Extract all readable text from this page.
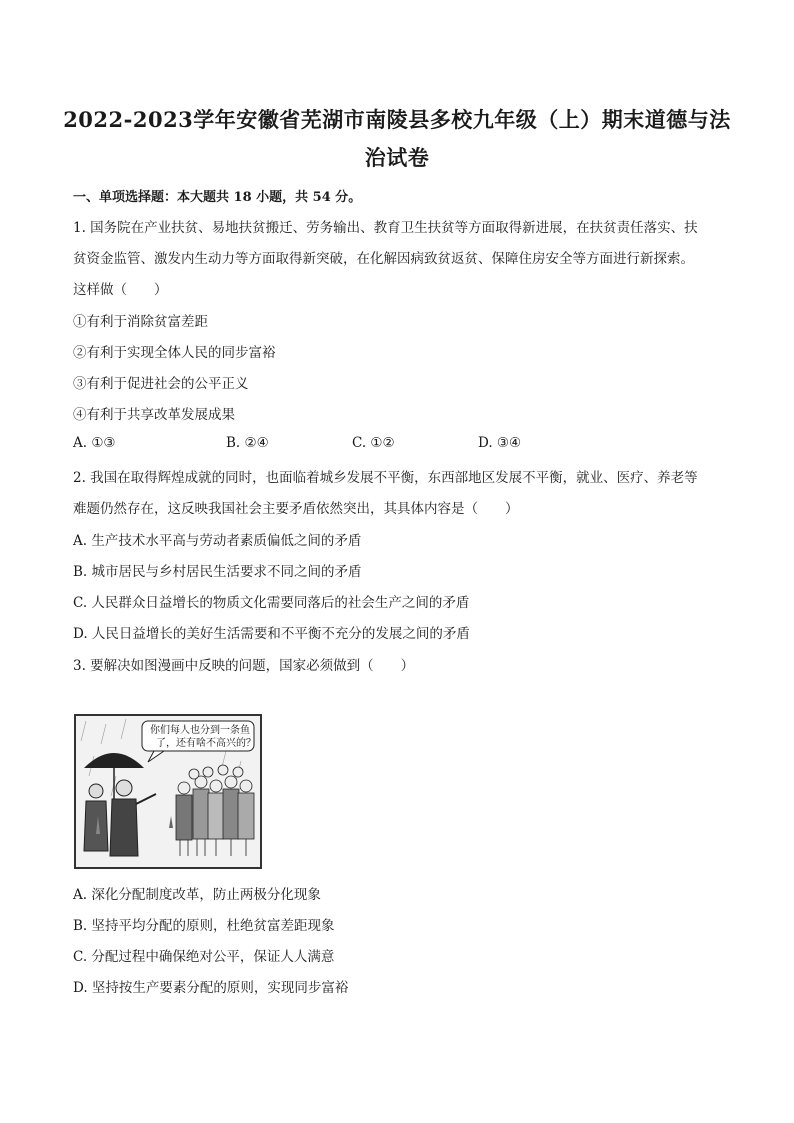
2022-2023学年安徽省芜湖市南陵县多校九年级（上）期末道德与法
治试卷
一、单项选择题：本大题共 18 小题，共 54 分。
1. 国务院在产业扶贫、易地扶贫搬迁、劳务输出、教育卫生扶贫等方面取得新进展，在扶贫责任落实、扶
贫资金监管、激发内生动力等方面取得新突破，在化解因病致贫返贫、保障住房安全等方面进行新探索。
这样做（　　）
①有利于消除贫富差距
②有利于实现全体人民的同步富裕
③有利于促进社会的公平正义
④有利于共享改革发展成果
A. ①③	B. ②④	C. ①②	D. ③④
2. 我国在取得辉煌成就的同时，也面临着城乡发展不平衡，东西部地区发展不平衡，就业、医疗、养老等
难题仍然存在，这反映我国社会主要矛盾依然突出，其具体内容是（　　）
A. 生产技术水平高与劳动者素质偏低之间的矛盾
B. 城市居民与乡村居民生活要求不同之间的矛盾
C. 人民群众日益增长的物质文化需要同落后的社会生产之间的矛盾
D. 人民日益增长的美好生活需要和不平衡不充分的发展之间的矛盾
3. 要解决如图漫画中反映的问题，国家必须做到（　　）
你们每人也分到一条鱼
了，还有啥不高兴的？
A. 深化分配制度改革，防止两极分化现象
B. 坚持平均分配的原则，杜绝贫富差距现象
C. 分配过程中确保绝对公平，保证人人满意
D. 坚持按生产要素分配的原则，实现同步富裕
